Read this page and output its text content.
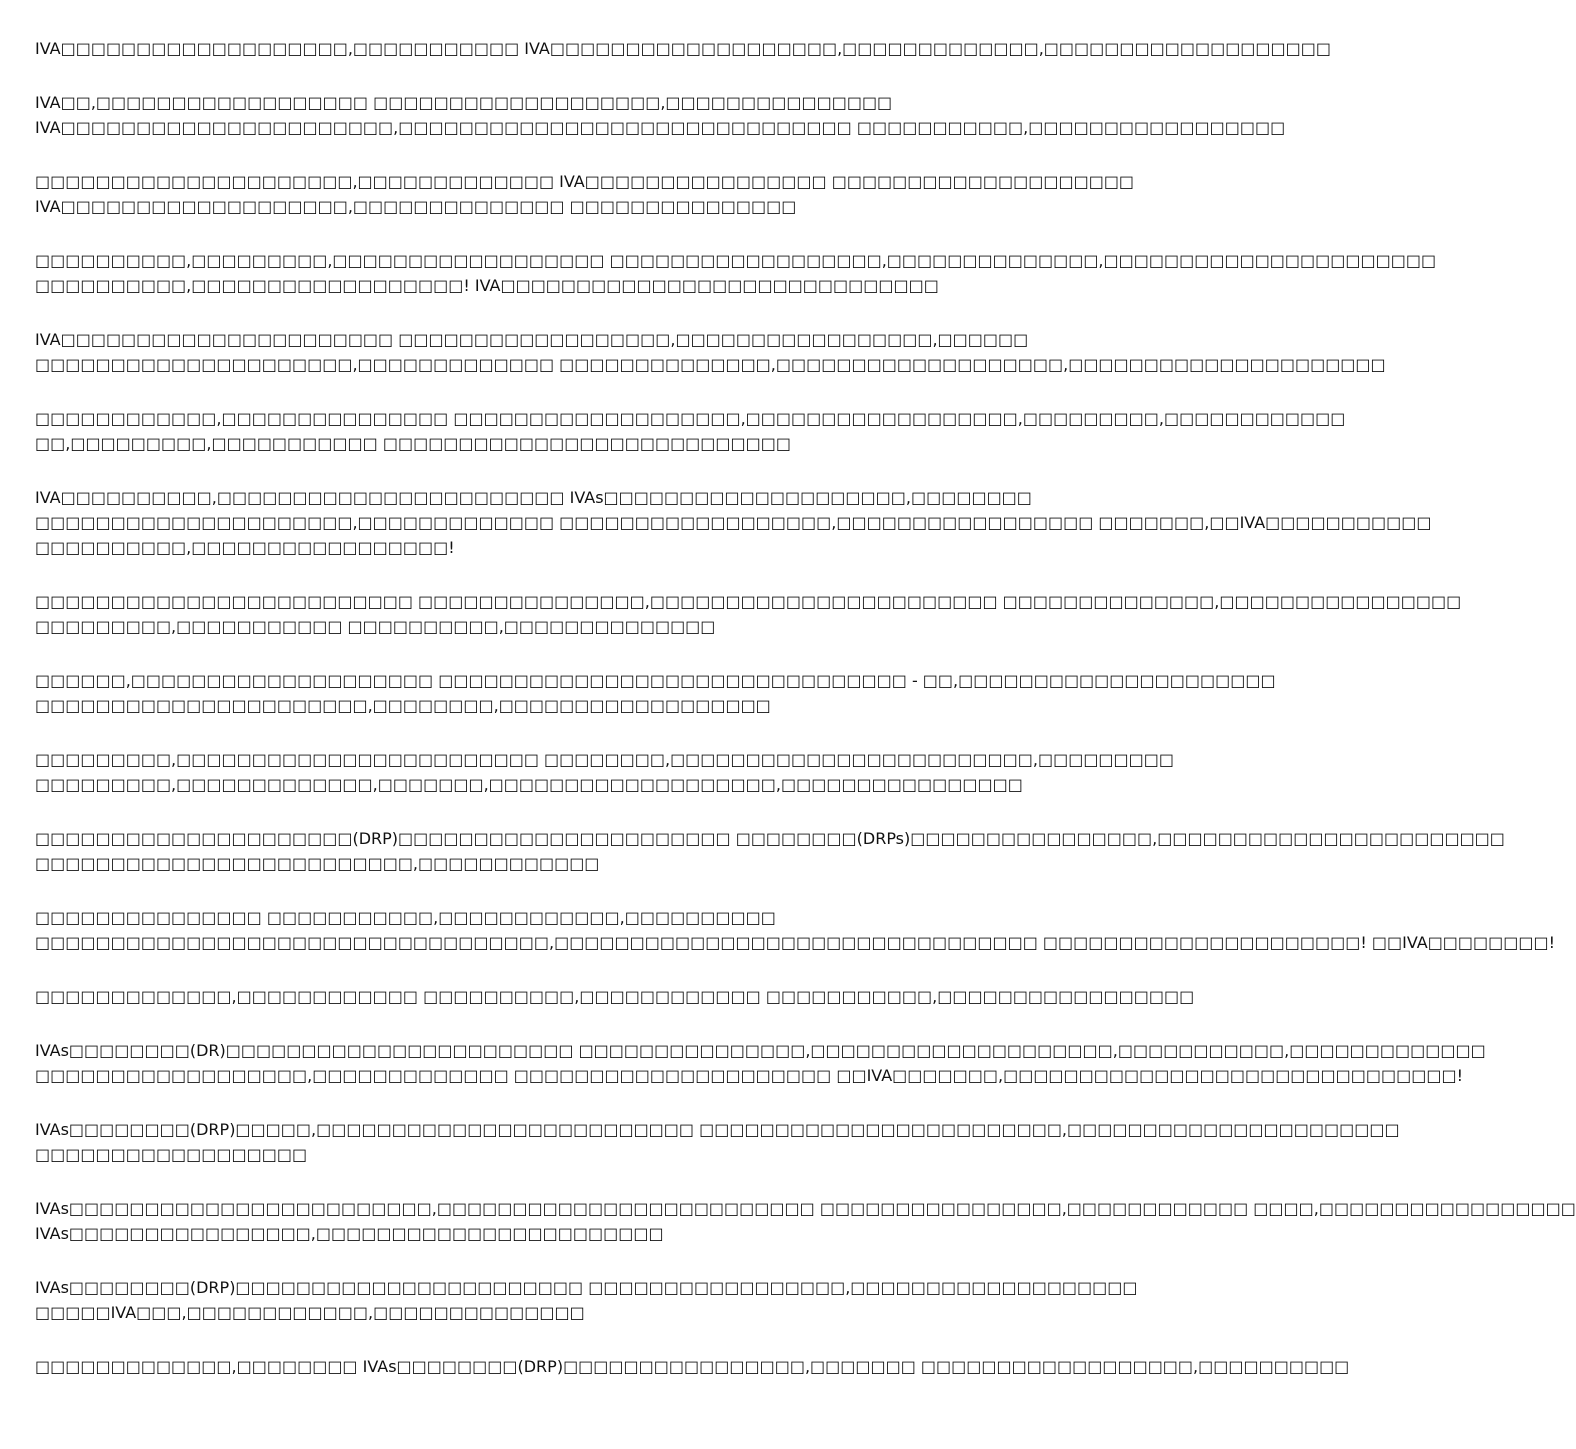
IVA□□□□□□□□□□□□□□□□□□□,□□□□□□□□□□□ IVA□□□□□□□□□□□□□□□□□□□,□□□□□□□□□□□□□,□□□□□□□□□□□□□□□□□□□

IVA□□,□□□□□□□□□□□□□□□□□□ □□□□□□□□□□□□□□□□□□□,□□□□□□□□□□□□□□□
IVA□□□□□□□□□□□□□□□□□□□□□□,□□□□□□□□□□□□□□□□□□□□□□□□□□□□□□ □□□□□□□□□□□,□□□□□□□□□□□□□□□□□

□□□□□□□□□□□□□□□□□□□□□,□□□□□□□□□□□□□ IVA□□□□□□□□□□□□□□□□ □□□□□□□□□□□□□□□□□□□□
IVA□□□□□□□□□□□□□□□□□□□,□□□□□□□□□□□□□□ □□□□□□□□□□□□□□□

□□□□□□□□□□,□□□□□□□□□,□□□□□□□□□□□□□□□□□□ □□□□□□□□□□□□□□□□□□,□□□□□□□□□□□□□□,□□□□□□□□□□□□□□□□□□□□□□
□□□□□□□□□□,□□□□□□□□□□□□□□□□□□! IVA□□□□□□□□□□□□□□□□□□□□□□□□□□□□□

IVA□□□□□□□□□□□□□□□□□□□□□□ □□□□□□□□□□□□□□□□□□,□□□□□□□□□□□□□□□□□,□□□□□□
□□□□□□□□□□□□□□□□□□□□□,□□□□□□□□□□□□□ □□□□□□□□□□□□□□,□□□□□□□□□□□□□□□□□□□,□□□□□□□□□□□□□□□□□□□□□

□□□□□□□□□□□□,□□□□□□□□□□□□□□□ □□□□□□□□□□□□□□□□□□□,□□□□□□□□□□□□□□□□□□,□□□□□□□□□,□□□□□□□□□□□□
□□,□□□□□□□□□,□□□□□□□□□□□ □□□□□□□□□□□□□□□□□□□□□□□□□□□

IVA□□□□□□□□□□,□□□□□□□□□□□□□□□□□□□□□□□ IVAs□□□□□□□□□□□□□□□□□□□□,□□□□□□□□
□□□□□□□□□□□□□□□□□□□□□,□□□□□□□□□□□□□ □□□□□□□□□□□□□□□□□□,□□□□□□□□□□□□□□□□□ □□□□□□□,□□IVA□□□□□□□□□□□
□□□□□□□□□□,□□□□□□□□□□□□□□□□□!

□□□□□□□□□□□□□□□□□□□□□□□□□ □□□□□□□□□□□□□□□,□□□□□□□□□□□□□□□□□□□□□□□ □□□□□□□□□□□□□□,□□□□□□□□□□□□□□□□
□□□□□□□□□,□□□□□□□□□□□ □□□□□□□□□□,□□□□□□□□□□□□□□

□□□□□□,□□□□□□□□□□□□□□□□□□□□ □□□□□□□□□□□□□□□□□□□□□□□□□□□□□□□ - □□,□□□□□□□□□□□□□□□□□□□□□
□□□□□□□□□□□□□□□□□□□□□□,□□□□□□□□,□□□□□□□□□□□□□□□□□□

□□□□□□□□□,□□□□□□□□□□□□□□□□□□□□□□□□ □□□□□□□□,□□□□□□□□□□□□□□□□□□□□□□□□,□□□□□□□□□
□□□□□□□□□,□□□□□□□□□□□□□,□□□□□□□,□□□□□□□□□□□□□□□□□□□,□□□□□□□□□□□□□□□□

□□□□□□□□□□□□□□□□□□□□□(DRP)□□□□□□□□□□□□□□□□□□□□□□ □□□□□□□□(DRPs)□□□□□□□□□□□□□□□□,□□□□□□□□□□□□□□□□□□□□□□□
□□□□□□□□□□□□□□□□□□□□□□□□□,□□□□□□□□□□□□

□□□□□□□□□□□□□□□ □□□□□□□□□□□,□□□□□□□□□□□□,□□□□□□□□□□
□□□□□□□□□□□□□□□□□□□□□□□□□□□□□□□□□□,□□□□□□□□□□□□□□□□□□□□□□□□□□□□□□□□ □□□□□□□□□□□□□□□□□□□□□! □□IVA□□□□□□□□!

□□□□□□□□□□□□□,□□□□□□□□□□□□ □□□□□□□□□□,□□□□□□□□□□□□ □□□□□□□□□□□,□□□□□□□□□□□□□□□□□

IVAs□□□□□□□□(DR)□□□□□□□□□□□□□□□□□□□□□□□ □□□□□□□□□□□□□□□,□□□□□□□□□□□□□□□□□□□□,□□□□□□□□□□□,□□□□□□□□□□□□□
□□□□□□□□□□□□□□□□□□,□□□□□□□□□□□□□ □□□□□□□□□□□□□□□□□□□□□ □□IVA□□□□□□□,□□□□□□□□□□□□□□□□□□□□□□□□□□□□□□!

IVAs□□□□□□□□(DRP)□□□□□,□□□□□□□□□□□□□□□□□□□□□□□□□ □□□□□□□□□□□□□□□□□□□□□□□□,□□□□□□□□□□□□□□□□□□□□□□
□□□□□□□□□□□□□□□□□□

IVAs□□□□□□□□□□□□□□□□□□□□□□□□,□□□□□□□□□□□□□□□□□□□□□□□□□ □□□□□□□□□□□□□□□□,□□□□□□□□□□□□ □□□□,□□□□□□□□□□□□□□□□□
IVAs□□□□□□□□□□□□□□□□,□□□□□□□□□□□□□□□□□□□□□□□

IVAs□□□□□□□□(DRP)□□□□□□□□□□□□□□□□□□□□□□□ □□□□□□□□□□□□□□□□□,□□□□□□□□□□□□□□□□□□□
□□□□□IVA□□□,□□□□□□□□□□□□,□□□□□□□□□□□□□□

□□□□□□□□□□□□□,□□□□□□□□ IVAs□□□□□□□□(DRP)□□□□□□□□□□□□□□□□,□□□□□□□ □□□□□□□□□□□□□□□□□□,□□□□□□□□□□
